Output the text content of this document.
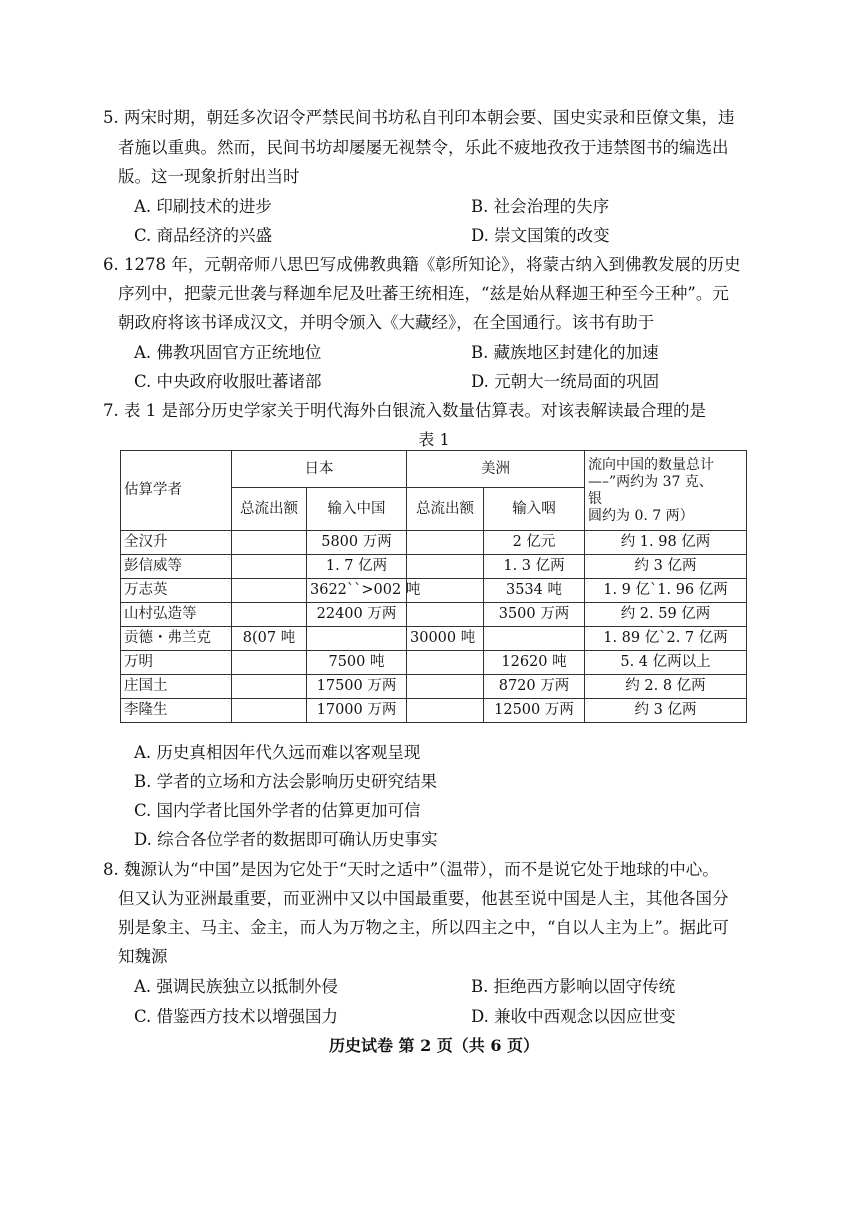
5. 两宋时期，朝廷多次诏令严禁民间书坊私自刊印本朝会要、国史实录和臣僚文集，违
者施以重典。然而，民间书坊却屡屡无视禁令，乐此不疲地孜孜于违禁图书的编选出
版。这一现象折射出当时
A. 印刷技术的进步	B. 社会治理的失序
C. 商品经济的兴盛	D. 崇文国策的改变
6. 1278 年，元朝帝师八思巴写成佛教典籍《彰所知论》，将蒙古纳入到佛教发展的历史
序列中，把蒙元世袭与释迦牟尼及吐蕃王统相连，“兹是始从释迦王种至今王种”。元
朝政府将该书译成汉文，并明令颁入《大藏经》，在全国通行。该书有助于
A. 佛教巩固官方正统地位	B. 藏族地区封建化的加速
C. 中央政府收服吐蕃诸部	D. 元朝大一统局面的巩固
7. 表 1 是部分历史学家关于明代海外白银流入数量估算表。对该表解读最合理的是
表 1
估算学者	日本		美洲		流向中国的数量总计
—–”两约为 37 克、
银
圆约为 0. 7 两）
	总流出额	输入中国	总流出额	输入咽	
全汉升		5800 万两		2 亿元	约 1. 98 亿两
彭信威等		1. 7 亿两		1. 3 亿两	约 3 亿两
万志英		3622``>002 吨		3534 吨	1. 9 亿`1. 96 亿两
山村弘造等		22400 万两		3500 万两	约 2. 59 亿两
贡德・弗兰克	8(07 吨		30000 吨		1. 89 亿`2. 7 亿两
万明		7500 吨		12620 吨	5. 4 亿两以上
庄国土		17500 万两		8720 万两	约 2. 8 亿两
李隆生		17000 万两		12500 万两	约 3 亿两
A. 历史真相因年代久远而难以客观呈现
B. 学者的立场和方法会影响历史研究结果
C. 国内学者比国外学者的估算更加可信
D. 综合各位学者的数据即可确认历史事实
8. 魏源认为“中国”是因为它处于“天时之适中”（温带），而不是说它处于地球的中心。
但又认为亚洲最重要，而亚洲中又以中国最重要，他甚至说中国是人主，其他各国分
别是象主、马主、金主，而人为万物之主，所以四主之中，“自以人主为上”。据此可
知魏源
A. 强调民族独立以抵制外侵	B. 拒绝西方影响以固守传统
C. 借鉴西方技术以增强国力	D. 兼收中西观念以因应世变
历史试卷 第 2 页（共 6 页）
